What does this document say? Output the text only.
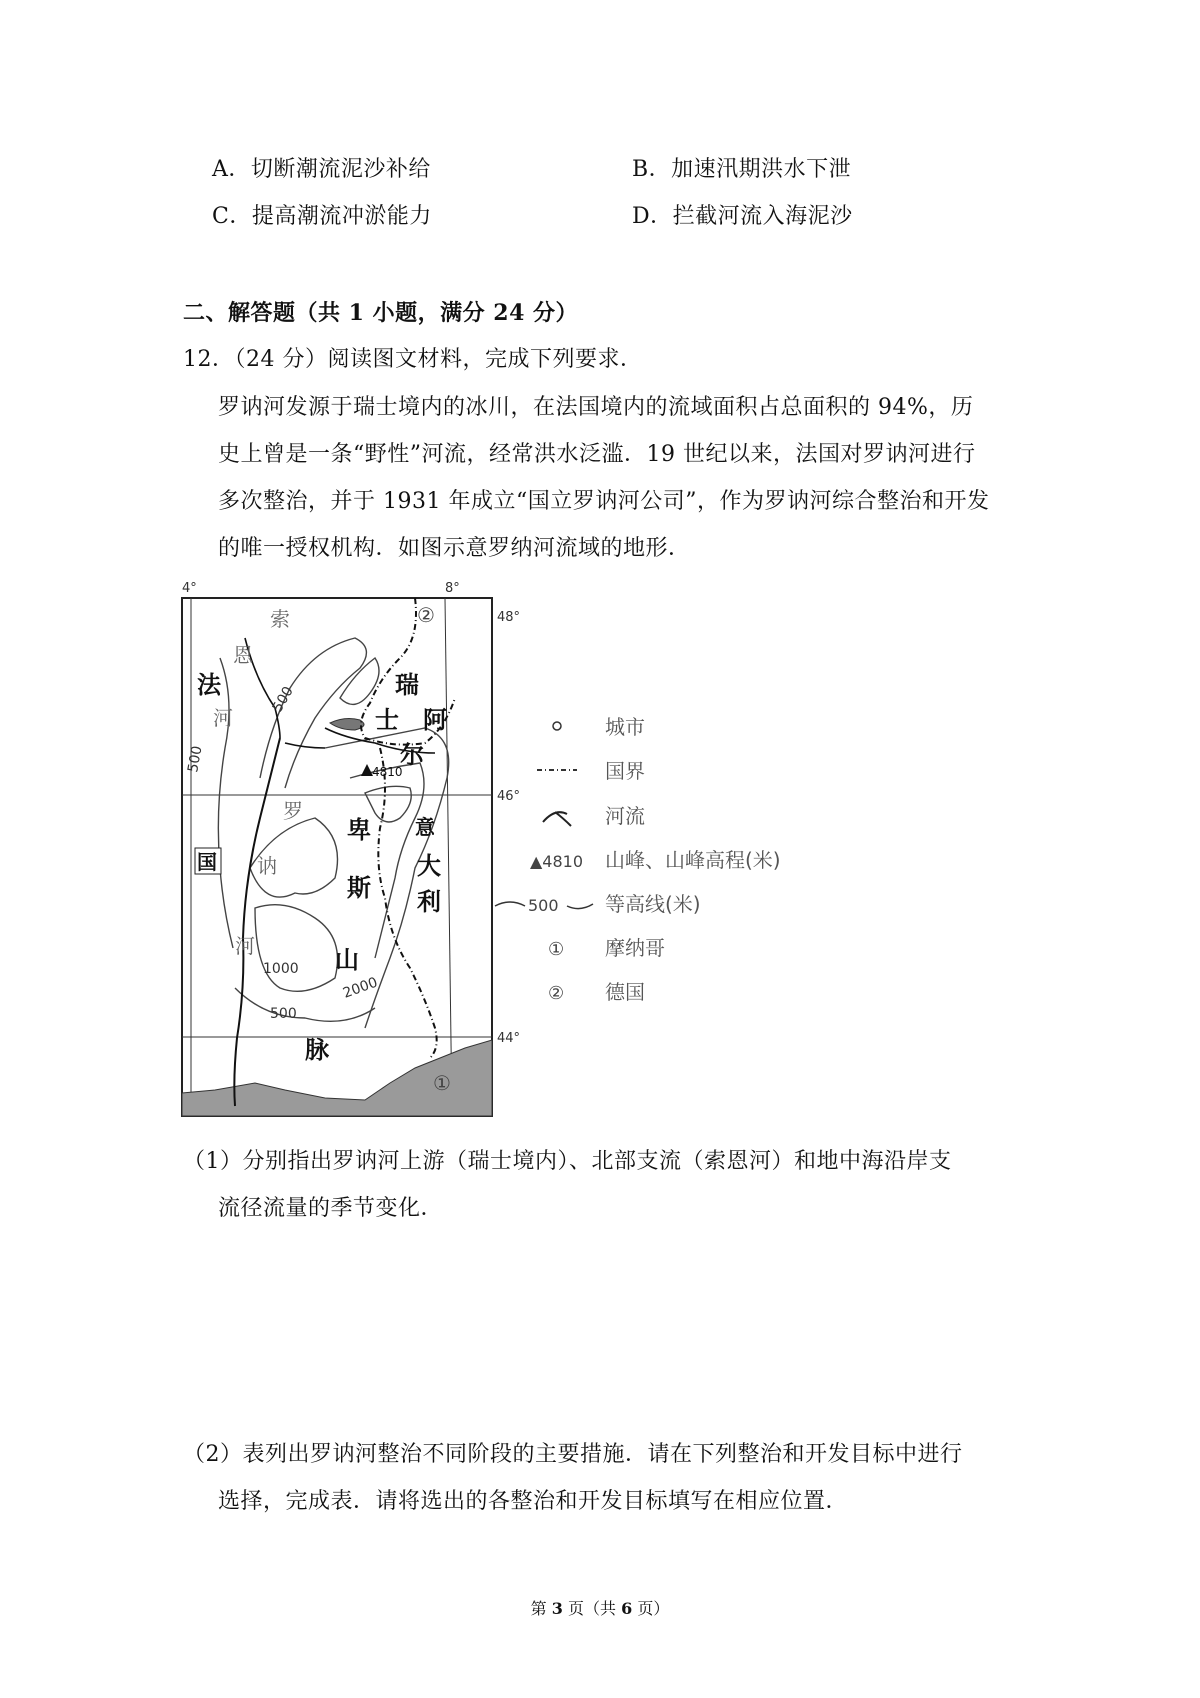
A．切断潮流泥沙补给	B．加速汛期洪水下泄
C．提高潮流冲淤能力	D．拦截河流入海泥沙
二、解答题（共 1 小题，满分 24 分）
12．（24 分）阅读图文材料，完成下列要求．
罗讷河发源于瑞士境内的冰川，在法国境内的流域面积占总面积的 94%，历
史上曾是一条“野性”河流，经常洪水泛滥．19 世纪以来，法国对罗讷河进行
多次整治，并于 1931 年成立“国立罗讷河公司”，作为罗讷河综合整治和开发
的唯一授权机构．如图示意罗纳河流域的地形．
4°	8°
48°
46°
44°
4810
法
国
瑞
士 阿
尔
卑
斯
山
脉
意
大
利
索
恩
河
罗
讷
河
500
500
500
1000
2000
②
①
城市
国界
河流
▲4810 山峰、山峰高程(米)
500 等高线(米)
① 摩纳哥
② 德国
（1）分别指出罗讷河上游（瑞士境内）、北部支流（索恩河）和地中海沿岸支
流径流量的季节变化．
（2）表列出罗讷河整治不同阶段的主要措施．请在下列整治和开发目标中进行
选择，完成表．请将选出的各整治和开发目标填写在相应位置．
第 3 页（共 6 页）
